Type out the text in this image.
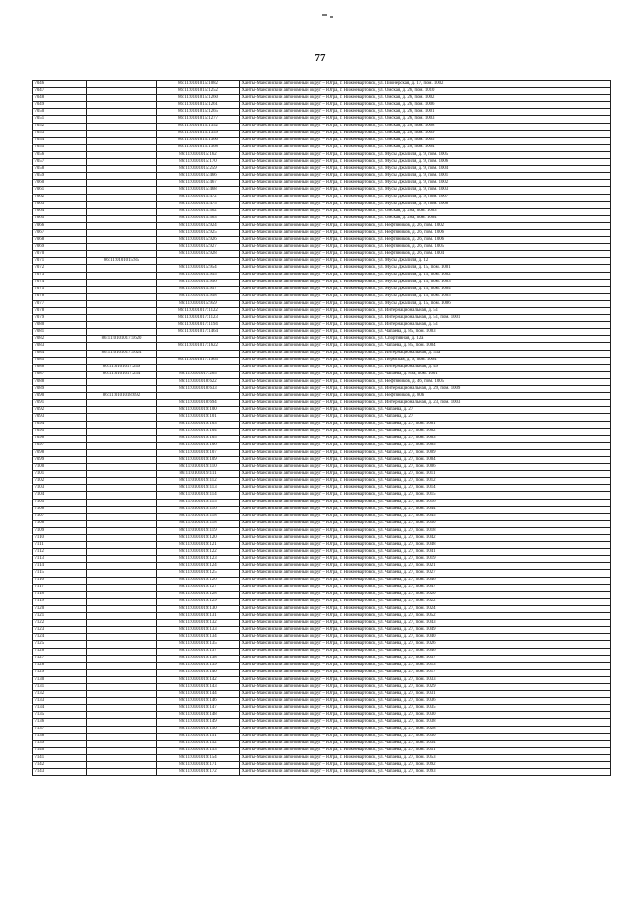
77
7046		86:11:0101015:1082	Ханты-Мансийский автономный округ – Югра, г. Нижневартовск, ул. Пионерская, д. 17, пом. 1002
7047		86:11:0101015:1252	Ханты-Мансийский автономный округ – Югра, г. Нижневартовск, ул. Омская, д. 26, пом. 1010
7048		86:11:0101015:1260	Ханты-Мансийский автономный округ – Югра, г. Нижневартовск, ул. Омская, д. 26, пом. 1002
7049		86:11:0101015:1261	Ханты-Мансийский автономный округ – Югра, г. Нижневартовск, ул. Омская, д. 26, пом. 1006
7050		86:11:0101015:1265	Ханты-Мансийский автономный округ – Югра, г. Нижневартовск, ул. Омская, д. 26, пом. 1001
7051		86:11:0101015:1277	Ханты-Мансийский автономный округ – Югра, г. Нижневартовск, ул. Омская, д. 26, пом. 1003
7052		86:11:0101015:1352	Ханты-Мансийский автономный округ – Югра, г. Нижневартовск, ул. Омская, д. 26, пом. 1008
7053		86:11:0101015:1359	Ханты-Мансийский автономный округ – Югра, г. Нижневартовск, ул. Омская, д. 26, пом. 1009
7054		86:11:0101015:1360	Ханты-Мансийский автономный округ – Югра, г. Нижневартовск, ул. Омская, д. 26, пом. 1005
7055		86:11:0101015:1368	Ханты-Мансийский автономный округ – Югра, г. Нижневартовск, ул. Омская, д. 26, пом. 1004
7056		86:11:0101015:162	Ханты-Мансийский автономный округ – Югра, г. Нижневартовск, ул. Мусы Джалиля, д. 9, пом. 1005
7057		86:11:0101015:170	Ханты-Мансийский автономный округ – Югра, г. Нижневартовск, ул. Мусы Джалиля, д. 9, пом. 1006
7058		86:11:0101015:259	Ханты-Мансийский автономный округ – Югра, г. Нижневартовск, ул. Мусы Джалиля, д. 9, пом. 1004
7059		86:11:0101015:466	Ханты-Мансийский автономный округ – Югра, г. Нижневартовск, ул. Мусы Джалиля, д. 9, пом. 1001
7060		86:11:0101015:467	Ханты-Мансийский автономный округ – Югра, г. Нижневартовск, ул. Мусы Джалиля, д. 9, пом. 1002
7061		86:11:0101015:468	Ханты-Мансийский автономный округ – Югра, г. Нижневартовск, ул. Мусы Джалиля, д. 9, пом. 1003
7062		86:11:0101015:472	Ханты-Мансийский автономный округ – Югра, г. Нижневартовск, ул. Мусы Джалиля, д. 9, пом. 1007
7063		86:11:0101015:475	Ханты-Мансийский автономный округ – Югра, г. Нижневартовск, ул. Мусы Джалиля, д. 9, пом. 1008
7064		86:11:0101015:562	Ханты-Мансийский автономный округ – Югра, г. Нижневартовск, ул. Омская, д. 26а, пом. 1003
7065		86:11:0101015:563	Ханты-Мансийский автономный округ – Югра, г. Нижневартовск, ул. Омская, д. 26а, пом. 1004
7066		86:11:0101015:924	Ханты-Мансийский автономный округ – Югра, г. Нижневартовск, ул. Нефтяников, д. 26, пом. 1002
7067		86:11:0101015:925	Ханты-Мансийский автономный округ – Югра, г. Нижневартовск, ул. Нефтяников, д. 26, пом. 1006
7068		86:11:0101015:926	Ханты-Мансийский автономный округ – Югра, г. Нижневартовск, ул. Нефтяников, д. 26, пом. 1006
7069		86:11:0101015:927	Ханты-Мансийский автономный округ – Югра, г. Нижневартовск, ул. Нефтяников, д. 26, пом. 1005
7070		86:11:0101015:928	Ханты-Мансийский автономный округ – Югра, г. Нижневартовск, ул. Нефтяников, д. 26, пом. 1004
7071	86:11:0101015:85		Ханты-Мансийский автономный округ – Югра, г. Нижневартовск, ул. Мусы Джалиля, д. 12
7072		86:11:0101015:954	Ханты-Мансийский автономный округ – Югра, г. Нижневартовск, ул. Мусы Джалиля, д. 15, пом. 1001
7073		86:11:0101015:955	Ханты-Мансийский автономный округ – Югра, г. Нижневартовск, ул. Мусы Джалиля, д. 15, пом. 1002
7074		86:11:0101015:956	Ханты-Мансийский автономный округ – Югра, г. Нижневартовск, ул. Мусы Джалиля, д. 15, пом. 1003
7075		86:11:0101015:957	Ханты-Мансийский автономный округ – Югра, г. Нижневартовск, ул. Мусы Джалиля, д. 15, пом. 1004
7076		86:11:0101015:958	Ханты-Мансийский автономный округ – Югра, г. Нижневартовск, ул. Мусы Джалиля, д. 15, пом. 1005
7077		86:11:0101015:959	Ханты-Мансийский автономный округ – Югра, г. Нижневартовск, ул. Мусы Джалиля, д. 15, пом. 1006
7078		86:11:0101017:1122	Ханты-Мансийский автономный округ – Югра, г. Нижневартовск, ул. Интернациональная, д. 51
7079		86:11:0101017:1123	Ханты-Мансийский автономный округ – Югра, г. Нижневартовск, ул. Интернациональная, д. 51, пом. 1001
7080		86:11:0101017:1194	Ханты-Мансийский автономный округ – Югра, г. Нижневартовск, ул. Интернациональная, д. 51
7081		86:11:0101017:1464	Ханты-Мансийский автономный округ – Югра, г. Нижневартовск, ул. Чапаева, д. 85, пом. 1003
7082	86:11:0101017:1620		Ханты-Мансийский автономный округ – Югра, г. Нижневартовск, ул. Спортивная, д. 12а
7083		86:11:0101017:1622	Ханты-Мансийский автономный округ – Югра, г. Нижневартовск, ул. Чапаева, д. 85, пом. 1004
7084	86:11:0101017:1624		Ханты-Мансийский автономный округ – Югра, г. Нижневартовск, ул. Интернациональная, д. 53а
7085		86:11:0101017:1963	Ханты-Мансийский автономный округ – Югра, г. Нижневартовск, ул. Пермская, д. 9, пом. 1004
7086	86:11:0101017:249		Ханты-Мансийский автономный округ – Югра, г. Нижневартовск, ул. Интернациональная, д. 49
7087	86:11:0101017:254	86:11:0101017:265	Ханты-Мансийский автономный округ – Югра, г. Нижневартовск, ул. Чапаева, д. 89а, пом. 1001
7088		86:11:0101018:622	Ханты-Мансийский автономный округ – Югра, г. Нижневартовск, ул. Нефтяников, д. 46, пом. 1005
7089		86:11:0101018:633	Ханты-Мансийский автономный округ – Югра, г. Нижневартовск, ул. Интернациональная, д. 29, пом. 1009
7090	86:11:0101018:692		Ханты-Мансийский автономный округ – Югра, г. Нижневартовск, ул. Нефтяников, д. 80б
7091		86:11:0101018:694	Ханты-Мансийский автономный округ – Югра, г. Нижневартовск, ул. Интернациональная, д. 23, пом. 1003
7092		86:11:0101019:100	Ханты-Мансийский автономный округ – Югра, г. Нижневартовск, ул. Чапаева, д. 27
7093		86:11:0101019:101	Ханты-Мансийский автономный округ – Югра, г. Нижневартовск, ул. Чапаева, д. 27
7094		86:11:0101019:103	Ханты-Мансийский автономный округ – Югра, г. Нижневартовск, ул. Чапаева, д. 27, пом. 1001
7095		86:11:0101019:104	Ханты-Мансийский автономный округ – Югра, г. Нижневартовск, ул. Чапаева, д. 27, пом. 1002
7096		86:11:0101019:105	Ханты-Мансийский автономный округ – Югра, г. Нижневартовск, ул. Чапаева, д. 27, пом. 1003
7097		86:11:0101019:106	Ханты-Мансийский автономный округ – Югра, г. Нижневартовск, ул. Чапаева, д. 27, пом. 1005
7098		86:11:0101019:107	Ханты-Мансийский автономный округ – Югра, г. Нижневартовск, ул. Чапаева, д. 27, пом. 1009
7099		86:11:0101019:109	Ханты-Мансийский автономный округ – Югра, г. Нижневартовск, ул. Чапаева, д. 27, пом. 1004
7100		86:11:0101019:110	Ханты-Мансийский автономный округ – Югра, г. Нижневартовск, ул. Чапаева, д. 27, пом. 1006
7101		86:11:0101019:111	Ханты-Мансийский автономный округ – Югра, г. Нижневартовск, ул. Чапаева, д. 27, пом. 1011
7102		86:11:0101019:112	Ханты-Мансийский автономный округ – Югра, г. Нижневартовск, ул. Чапаева, д. 27, пом. 1012
7103		86:11:0101019:113	Ханты-Мансийский автономный округ – Югра, г. Нижневартовск, ул. Чапаева, д. 27, пом. 1014
7104		86:11:0101019:114	Ханты-Мансийский автономный округ – Югра, г. Нижневартовск, ул. Чапаева, д. 27, пом. 1015
7105		86:11:0101019:115	Ханты-Мансийский автономный округ – Югра, г. Нижневартовск, ул. Чапаева, д. 27, пом. 1016
7106		86:11:0101019:116	Ханты-Мансийский автономный округ – Югра, г. Нижневартовск, ул. Чапаева, д. 27, пом. 1044
7107		86:11:0101019:118	Ханты-Мансийский автономный округ – Югра, г. Нижневартовск, ул. Чапаева, д. 27, пом. 1045
7108		86:11:0101019:118	Ханты-Мансийский автономный округ – Югра, г. Нижневартовск, ул. Чапаева, д. 27, пом. 1050
7109		86:11:0101019:119	Ханты-Мансийский автономный округ – Югра, г. Нижневартовск, ул. Чапаева, д. 27, пом. 1018
7110		86:11:0101019:120	Ханты-Мансийский автономный округ – Югра, г. Нижневартовск, ул. Чапаева, д. 27, пом. 1042
7111		86:11:0101019:121	Ханты-Мансийский автономный округ – Югра, г. Нижневартовск, ул. Чапаева, д. 27, пом. 1048
7112		86:11:0101019:122	Ханты-Мансийский автономный округ – Югра, г. Нижневартовск, ул. Чапаева, д. 27, пом. 1041
7113		86:11:0101019:123	Ханты-Мансийский автономный округ – Югра, г. Нижневартовск, ул. Чапаева, д. 27, пом. 1019
7114		86:11:0101019:124	Ханты-Мансийский автономный округ – Югра, г. Нижневартовск, ул. Чапаева, д. 27, пом. 1021
7115		86:11:0101019:125	Ханты-Мансийский автономный округ – Югра, г. Нижневартовск, ул. Чапаева, д. 27, пом. 1027
7116		86:11:0101019:126	Ханты-Мансийский автономный округ – Югра, г. Нижневартовск, ул. Чапаева, д. 27, пом. 1046
7117		86:11:0101019:127	Ханты-Мансийский автономный округ – Югра, г. Нижневартовск, ул. Чапаева, д. 27, пом. 1047
7118		86:11:0101019:128	Ханты-Мансийский автономный округ – Югра, г. Нижневартовск, ул. Чапаева, д. 27, пом. 1020
7119		86:11:0101019:129	Ханты-Мансийский автономный округ – Югра, г. Нижневартовск, ул. Чапаева, д. 27, пом. 1022
7120		86:11:0101019:130	Ханты-Мансийский автономный округ – Югра, г. Нижневартовск, ул. Чапаева, д. 27, пом. 1024
7121		86:11:0101019:131	Ханты-Мансийский автономный округ – Югра, г. Нижневартовск, ул. Чапаева, д. 27, пом. 1052
7122		86:11:0101019:132	Ханты-Мансийский автономный округ – Югра, г. Нижневартовск, ул. Чапаева, д. 27, пом. 1043
7123		86:11:0101019:133	Ханты-Мансийский автономный округ – Югра, г. Нижневартовск, ул. Чапаева, д. 27, пом. 1049
7124		86:11:0101019:134	Ханты-Мансийский автономный округ – Югра, г. Нижневартовск, ул. Чапаева, д. 27, пом. 1040
7125		86:11:0101019:135	Ханты-Мансийский автономный округ – Югра, г. Нижневартовск, ул. Чапаева, д. 27, пом. 1026
7126		86:11:0101019:137	Ханты-Мансийский автономный округ – Югра, г. Нижневартовск, ул. Чапаева, д. 27, пом. 1046
7127		86:11:0101019:138	Ханты-Мансийский автономный округ – Югра, г. Нижневартовск, ул. Чапаева, д. 27, пом. 1037
7128		86:11:0101019:139	Ханты-Мансийский автономный округ – Югра, г. Нижневартовск, ул. Чапаева, д. 27, пом. 1013
7129		86:11:0101019:140	Ханты-Мансийский автономный округ – Югра, г. Нижневартовск, ул. Чапаева, д. 27, пом. 1017
7130		86:11:0101019:142	Ханты-Мансийский автономный округ – Югра, г. Нижневартовск, ул. Чапаева, д. 27, пом. 1033
7131		86:11:0101019:143	Ханты-Мансийский автономный округ – Югра, г. Нижневартовск, ул. Чапаева, д. 27, пом. 1029
7132		86:11:0101019:144	Ханты-Мансийский автономный округ – Югра, г. Нижневартовск, ул. Чапаева, д. 27, пом. 1031
7133		86:11:0101019:146	Ханты-Мансийский автономный округ – Югра, г. Нижневартовск, ул. Чапаева, д. 27, пом. 1036
7134		86:11:0101019:147	Ханты-Мансийский автономный округ – Югра, г. Нижневартовск, ул. Чапаева, д. 27, пом. 1035
7135		86:11:0101019:148	Ханты-Мансийский автономный округ – Югра, г. Нижневартовск, ул. Чапаева, д. 27, пом. 1030
7136		86:11:0101019:149	Ханты-Мансийский автономный округ – Югра, г. Нижневартовск, ул. Чапаева, д. 27, пом. 1038
7137		86:11:0101019:150	Ханты-Мансийский автономный округ – Югра, г. Нижневартовск, ул. Чапаева, д. 27, пом. 1028
7138		86:11:0101019:151	Ханты-Мансийский автономный округ – Югра, г. Нижневартовск, ул. Чапаева, д. 27, пом. 1030
7139		86:11:0101019:152	Ханты-Мансийский автономный округ – Югра, г. Нижневартовск, ул. Чапаева, д. 27, пом. 1034
7140		86:11:0101019:153	Ханты-Мансийский автономный округ – Югра, г. Нижневартовск, ул. Чапаева, д. 27, пом. 1051
7141		86:11:0101019:154	Ханты-Мансийский автономный округ – Югра, г. Нижневартовск, ул. Чапаева, д. 27, пом. 1053
7142		86:11:0101019:171	Ханты-Мансийский автономный округ – Югра, г. Нижневартовск, ул. Чапаева, д. 27, пом. 1092
7143		86:11:0101019:172	Ханты-Мансийский автономный округ – Югра, г. Нижневартовск, ул. Чапаева, д. 27, пом. 1093
